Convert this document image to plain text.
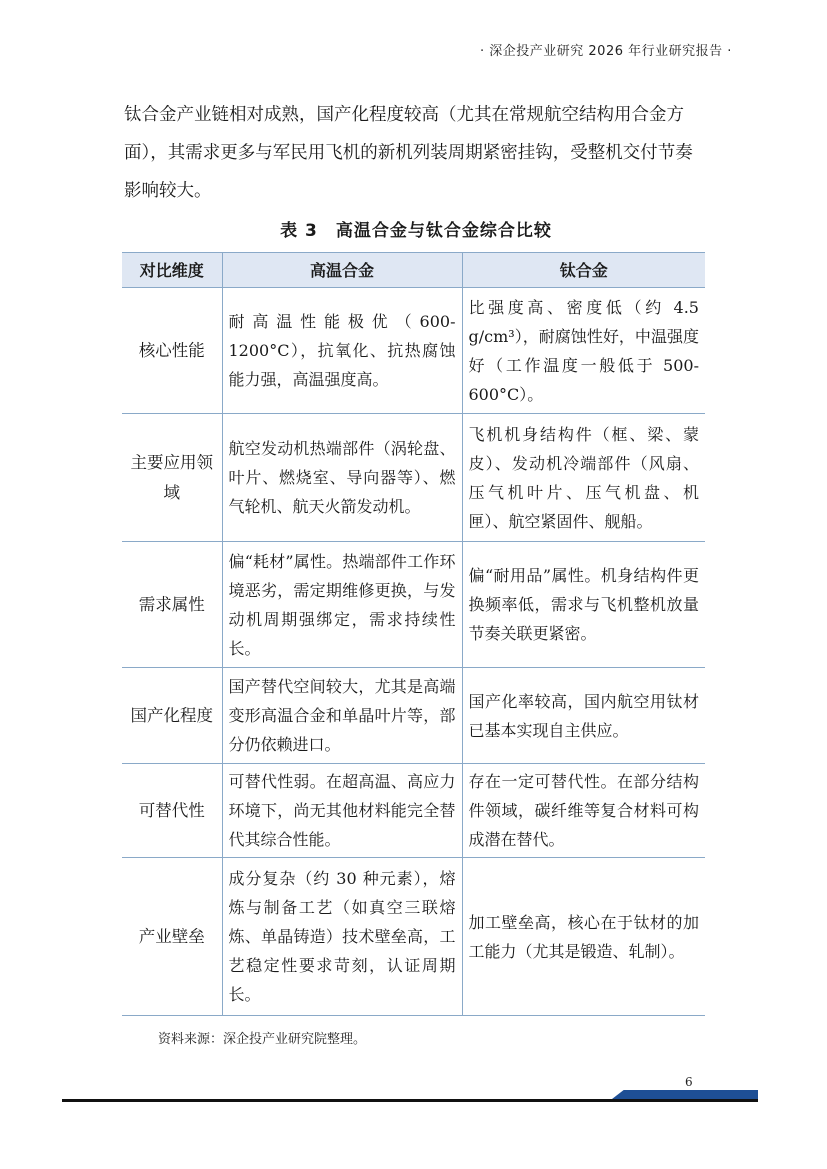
· 深企投产业研究 2026 年行业研究报告 ·

钛合金产业链相对成熟，国产化程度较高（尤其在常规航空结构用合金方面），其需求更多与军民用飞机的新机列装周期紧密挂钩，受整机交付节奏影响较大。

表 3　高温合金与钛合金综合比较
对比维度	高温合金	钛合金
核心性能	耐高温性能极优（600-1200°C），抗氧化、抗热腐蚀能力强，高温强度高。	比强度高、密度低（约 4.5 g/cm³），耐腐蚀性好，中温强度好（工作温度一般低于 500-600°C）。
主要应用领域	航空发动机热端部件（涡轮盘、叶片、燃烧室、导向器等）、燃气轮机、航天火箭发动机。	飞机机身结构件（框、梁、蒙皮）、发动机冷端部件（风扇、压气机叶片、压气机盘、机匣）、航空紧固件、舰船。
需求属性	偏“耗材”属性。热端部件工作环境恶劣，需定期维修更换，与发动机周期强绑定，需求持续性长。	偏“耐用品”属性。机身结构件更换频率低，需求与飞机整机放量节奏关联更紧密。
国产化程度	国产替代空间较大，尤其是高端变形高温合金和单晶叶片等，部分仍依赖进口。	国产化率较高，国内航空用钛材已基本实现自主供应。
可替代性	可替代性弱。在超高温、高应力环境下，尚无其他材料能完全替代其综合性能。	存在一定可替代性。在部分结构件领域，碳纤维等复合材料可构成潜在替代。
产业壁垒	成分复杂（约 30 种元素），熔炼与制备工艺（如真空三联熔炼、单晶铸造）技术壁垒高，工艺稳定性要求苛刻，认证周期长。	加工壁垒高，核心在于钛材的加工能力（尤其是锻造、轧制）。
资料来源：深企投产业研究院整理。
6
